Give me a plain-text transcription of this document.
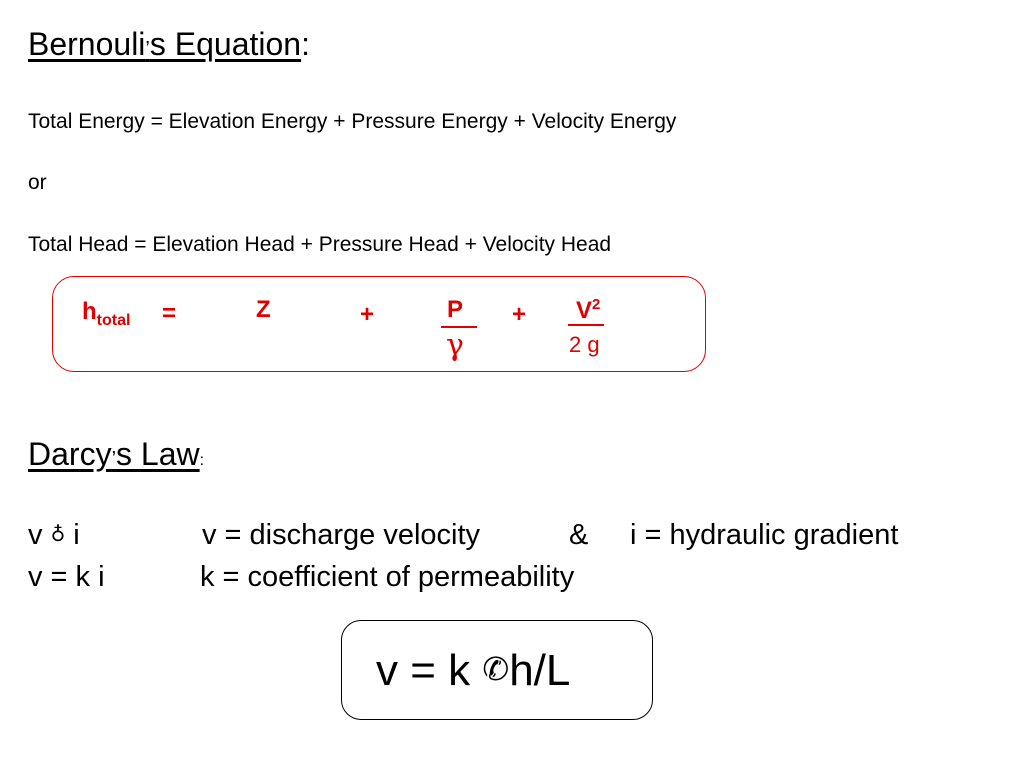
Bernouli’s Equation:
Total Energy = Elevation Energy + Pressure Energy + Velocity Energy
or
Total Head = Elevation Head + Pressure Head + Velocity Head
$h_{total}$ =	Z	+	P
γ
+ $V^2$
2 g
Darcy’s Law:
v ♁ i	v = discharge velocity	& i = hydraulic gradient
v = k i	k = coefficient of permeability
v = k ✆h/L
